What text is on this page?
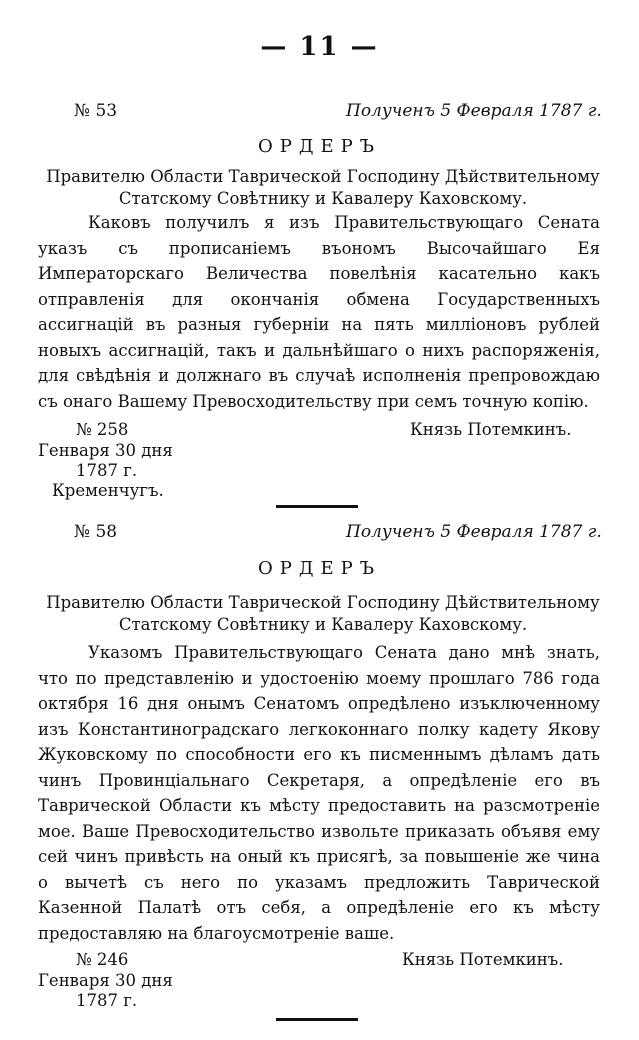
— 11 —
№ 53	Полученъ 5 Февраля 1787 г.
ОРДЕРЪ
Правителю Области Таврической Господину Дѣйствительному Статскому Совѣтнику и Кавалеру Каховскому.

Каковъ получилъ я изъ Правительствующаго Сената указъ съ прописаніемъ въономъ Высочайшаго Ея Императорскаго Величества повелѣнія касательно какъ отправленія для окончанія обмена Государственныхъ ассигнацій въ разныя губерніи на пять милліоновъ рублей новыхъ ассигнацій, такъ и дальнѣйшаго о нихъ распоряженія, для свѣдѣнія и должнаго въ случаѣ исполненія препровождаю съ онаго Вашему Превосходительству при семъ точную копію.

№ 258	Князь Потемкинъ.
Генваря 30 дня
1787 г.
Кременчугъ.
№ 58	Полученъ 5 Февраля 1787 г.
ОРДЕРЪ
Правителю Области Таврической Господину Дѣйствительному Статскому Совѣтнику и Кавалеру Каховскому.

Указомъ Правительствующаго Сената дано мнѣ знать, что по представленію и удостоенію моему прошлаго 786 года октября 16 дня онымъ Сенатомъ опредѣлено изъключенному изъ Константиноградскаго легкоконнаго полку кадету Якову Жуковскому по способности его къ писменнымъ дѣламъ дать чинъ Провинціальнаго Секретаря, а опредѣленіе его въ Таврической Области къ мѣсту предоставить на разсмотреніе мое. Ваше Превосходительство извольте приказать объявя ему сей чинъ привѣсть на оный къ присягѣ, за повышеніе же чина о вычетѣ съ него по указамъ предложить Таврической Казенной Палатѣ отъ себя, а опредѣленіе его къ мѣсту предоставляю на благоусмотреніе ваше.

№ 246	Князь Потемкинъ.
Генваря 30 дня
1787 г.
